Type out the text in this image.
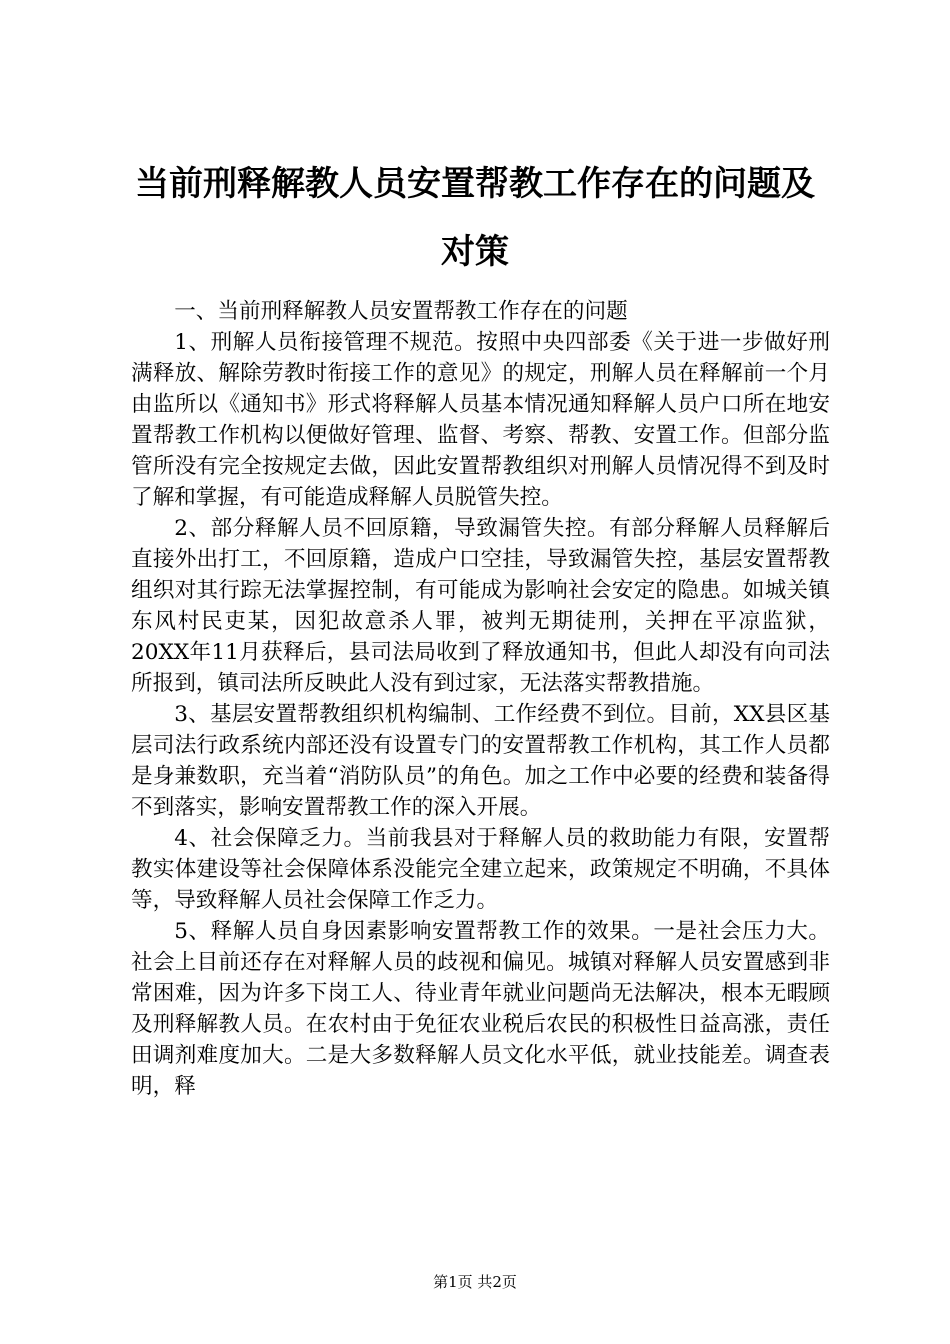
当前刑释解教人员安置帮教工作存在的问题及
对策

一、当前刑释解教人员安置帮教工作存在的问题

1、刑解人员衔接管理不规范。按照中央四部委《关于进一步做好刑满释放、解除劳教时衔接工作的意见》的规定，刑解人员在释解前一个月由监所以《通知书》形式将释解人员基本情况通知释解人员户口所在地安置帮教工作机构以便做好管理、监督、考察、帮教、安置工作。但部分监管所没有完全按规定去做，因此安置帮教组织对刑解人员情况得不到及时了解和掌握，有可能造成释解人员脱管失控。

2、部分释解人员不回原籍，导致漏管失控。有部分释解人员释解后直接外出打工，不回原籍，造成户口空挂，导致漏管失控，基层安置帮教组织对其行踪无法掌握控制，有可能成为影响社会安定的隐患。如城关镇东风村民吏某，因犯故意杀人罪，被判无期徒刑，关押在平凉监狱，20XX年11月获释后，县司法局收到了释放通知书，但此人却没有向司法所报到，镇司法所反映此人没有到过家，无法落实帮教措施。

3、基层安置帮教组织机构编制、工作经费不到位。目前，XX县区基层司法行政系统内部还没有设置专门的安置帮教工作机构，其工作人员都是身兼数职，充当着“消防队员”的角色。加之工作中必要的经费和装备得不到落实，影响安置帮教工作的深入开展。

4、社会保障乏力。当前我县对于释解人员的救助能力有限，安置帮教实体建设等社会保障体系没能完全建立起来，政策规定不明确，不具体等，导致释解人员社会保障工作乏力。

5、释解人员自身因素影响安置帮教工作的效果。一是社会压力大。社会上目前还存在对释解人员的歧视和偏见。城镇对释解人员安置感到非常困难，因为许多下岗工人、待业青年就业问题尚无法解决，根本无暇顾及刑释解教人员。在农村由于免征农业税后农民的积极性日益高涨，责任田调剂难度加大。二是大多数释解人员文化水平低，就业技能差。调查表明，释

第1页 共2页
